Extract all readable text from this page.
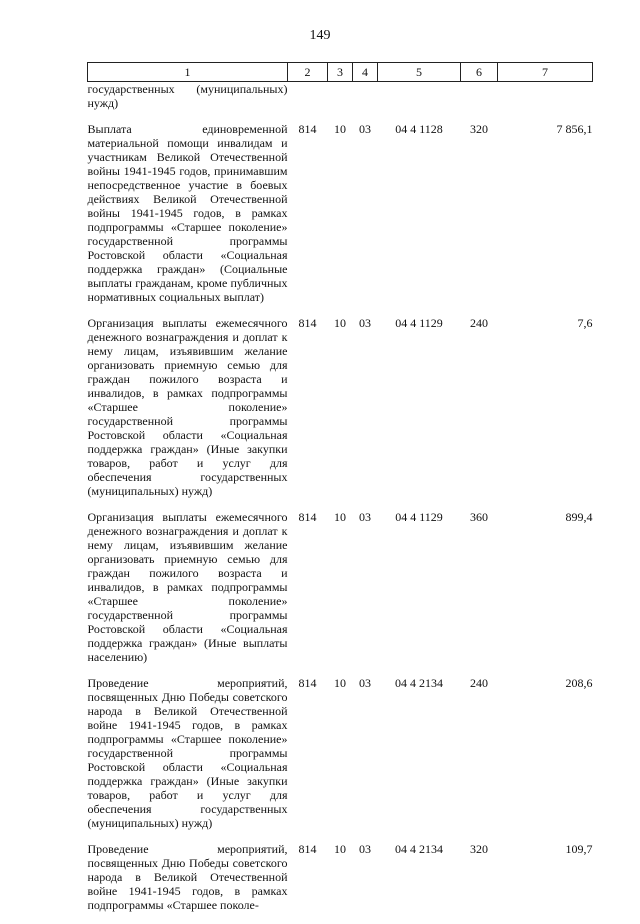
149
1	2	3	4	5	6	7
государственных (муниципальных) нужд)						
Выплата единовременной материальной помощи инвалидам и участникам Великой Отечественной войны 1941-1945 годов, принимавшим непосредственное участие в боевых действиях Великой Отечественной войны 1941-1945 годов, в рамках подпрограммы «Старшее поколение» государственной программы Ростовской области «Социальная поддержка граждан» (Социальные выплаты гражданам, кроме публичных нормативных социальных выплат)	814	10	03	04 4 1128	320	7 856,1
Организация выплаты ежемесячного денежного вознаграждения и доплат к нему лицам, изъявившим желание организовать приемную семью для граждан пожилого возраста и инвалидов, в рамках подпрограммы «Старшее поколение» государственной программы Ростовской области «Социальная поддержка граждан» (Иные закупки товаров, работ и услуг для обеспечения государственных (муниципальных) нужд)	814	10	03	04 4 1129	240	7,6
Организация выплаты ежемесячного денежного вознаграждения и доплат к нему лицам, изъявившим желание организовать приемную семью для граждан пожилого возраста и инвалидов, в рамках подпрограммы «Старшее поколение» государственной программы Ростовской области «Социальная поддержка граждан» (Иные выплаты населению)	814	10	03	04 4 1129	360	899,4
Проведение мероприятий, посвященных Дню Победы советского народа в Великой Отечественной войне 1941-1945 годов, в рамках подпрограммы «Старшее поколение» государственной программы Ростовской области «Социальная поддержка граждан» (Иные закупки товаров, работ и услуг для обеспечения государственных (муниципальных) нужд)	814	10	03	04 4 2134	240	208,6
Проведение мероприятий, посвященных Дню Победы советского народа в Великой Отечественной войне 1941-1945 годов, в рамках подпрограммы «Старшее поколе-	814	10	03	04 4 2134	320	109,7
